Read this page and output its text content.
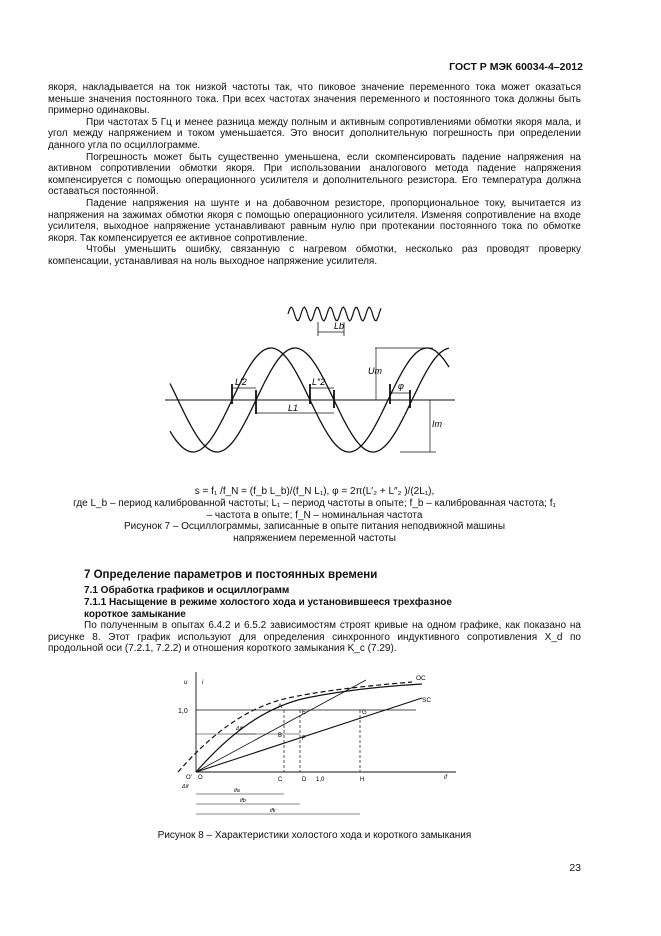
ГОСТ Р МЭК 60034-4–2012

якоря, накладывается на ток низкой частоты так, что пиковое значение переменного тока может оказаться меньше значения постоянного тока. При всех частотах значения переменного и постоянного тока должны быть примерно одинаковы.

При частотах 5 Гц и менее разница между полным и активным сопротивлениями обмотки якоря мала, и угол между напряжением и током уменьшается. Это вносит дополнительную погрешность при определении данного угла по осциллограмме.

Погрешность может быть существенно уменьшена, если скомпенсировать падение напряжения на активном сопротивлении обмотки якоря. При использовании аналогового метода падение напряжения компенсируется с помощью операционного усилителя и дополнительного резистора. Его температура должна оставаться постоянной.

Падение напряжения на шунте и на добавочном резисторе, пропорциональное току, вычитается из напряжения на зажимах обмотки якоря с помощью операционного усилителя. Изменяя сопротивление на входе усилителя, выходное напряжение устанавливают равным нулю при протекании постоянного тока по обмотке якоря. Так компенсируется ее активное сопротивление.

Чтобы уменьшить ошибку, связанную с нагревом обмотки, несколько раз проводят проверку компенсации, устанавливая на ноль выходное напряжение усилителя.

Lb
L′2	L″2
L1
Um
Im
φ

s = f₁ /f_N = (f_b L_b)/(f_N L₁), φ = 2π(L′₂ + L″₂ )/(2L₁),

где L_b – период калиброванной частоты; L₁ – период частоты в опыте; f_b – калиброванная частота; f₁

– частота в опыте; f_N – номинальная частота

Рисунок 7 – Осциллограммы, записанные в опыте питания неподвижной машины

напряжением переменной частоты

7 Определение параметров и постоянных времени
7.1 Обработка графиков и осциллограмм
7.1.1 Насыщение в режиме холостого хода и установившееся трехфазное
короткое замыкание

По полученным в опытах 6.4.2 и 6.5.2 зависимостям строят кривые на одном графике, как показано на рисунке 8. Этот график используют для определения синхронного индуктивного сопротивления X_d по продольной оси (7.2.1, 7.2.2) и отношения короткого замыкания K_c (7.29).

u i
1,0
OC
SC
A
E	G
B	F
C	D	H
1,0
O′ O	if
Δif
Δif
ifa
ifb
ifk
Рисунок 8 – Характеристики холостого хода и короткого замыкания
23
